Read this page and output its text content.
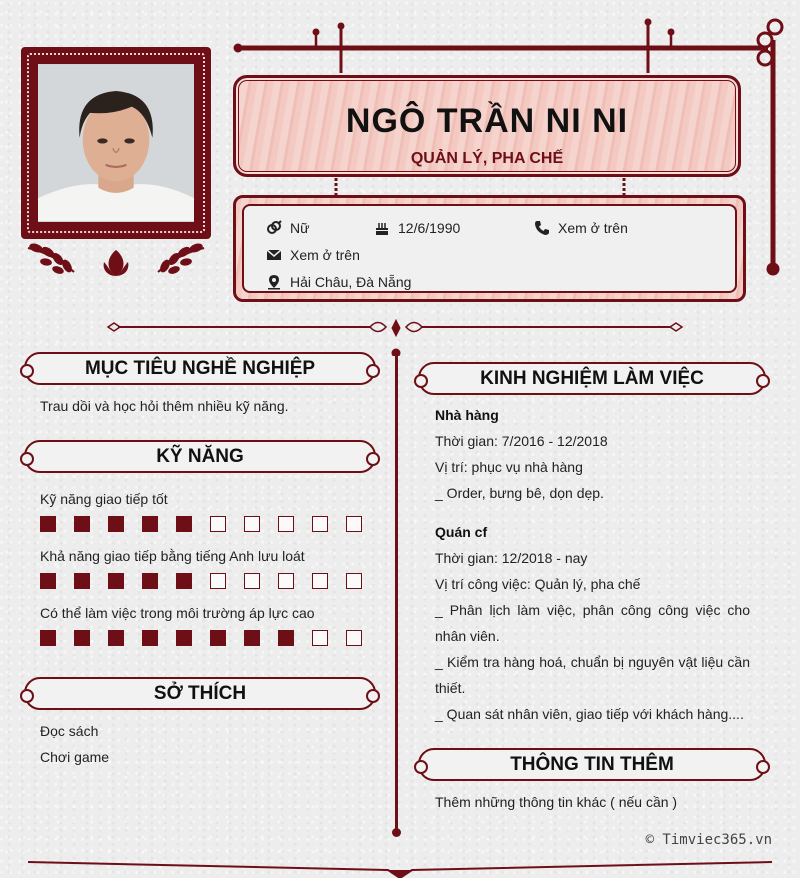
NGÔ TRẦN NI NI
QUẢN LÝ, PHA CHẾ
Nữ	12/6/1990	Xem ở trên
Xem ở trên
Hải Châu, Đà Nẵng
MỤC TIÊU NGHỀ NGHIỆP
Trau dồi và học hỏi thêm nhiều kỹ năng.
KỸ NĂNG
Kỹ năng giao tiếp tốt
Khả năng giao tiếp bằng tiếng Anh lưu loát
Có thể làm việc trong môi trường áp lực cao
SỞ THÍCH
Đọc sách
Chơi game
KINH NGHIỆM LÀM VIỆC
Nhà hàng
Thời gian: 7/2016 - 12/2018
Vị trí: phục vụ nhà hàng
_ Order, bưng bê, dọn dẹp.
Quán cf
Thời gian: 12/2018 - nay
Vị trí công việc: Quản lý, pha chế
_ Phân lịch làm việc, phân công công việc cho nhân viên.
_ Kiểm tra hàng hoá, chuẩn bị nguyên vật liệu cần thiết.
_ Quan sát nhân viên, giao tiếp với khách hàng....
THÔNG TIN THÊM
Thêm những thông tin khác ( nếu cần )
© Timviec365.vn
